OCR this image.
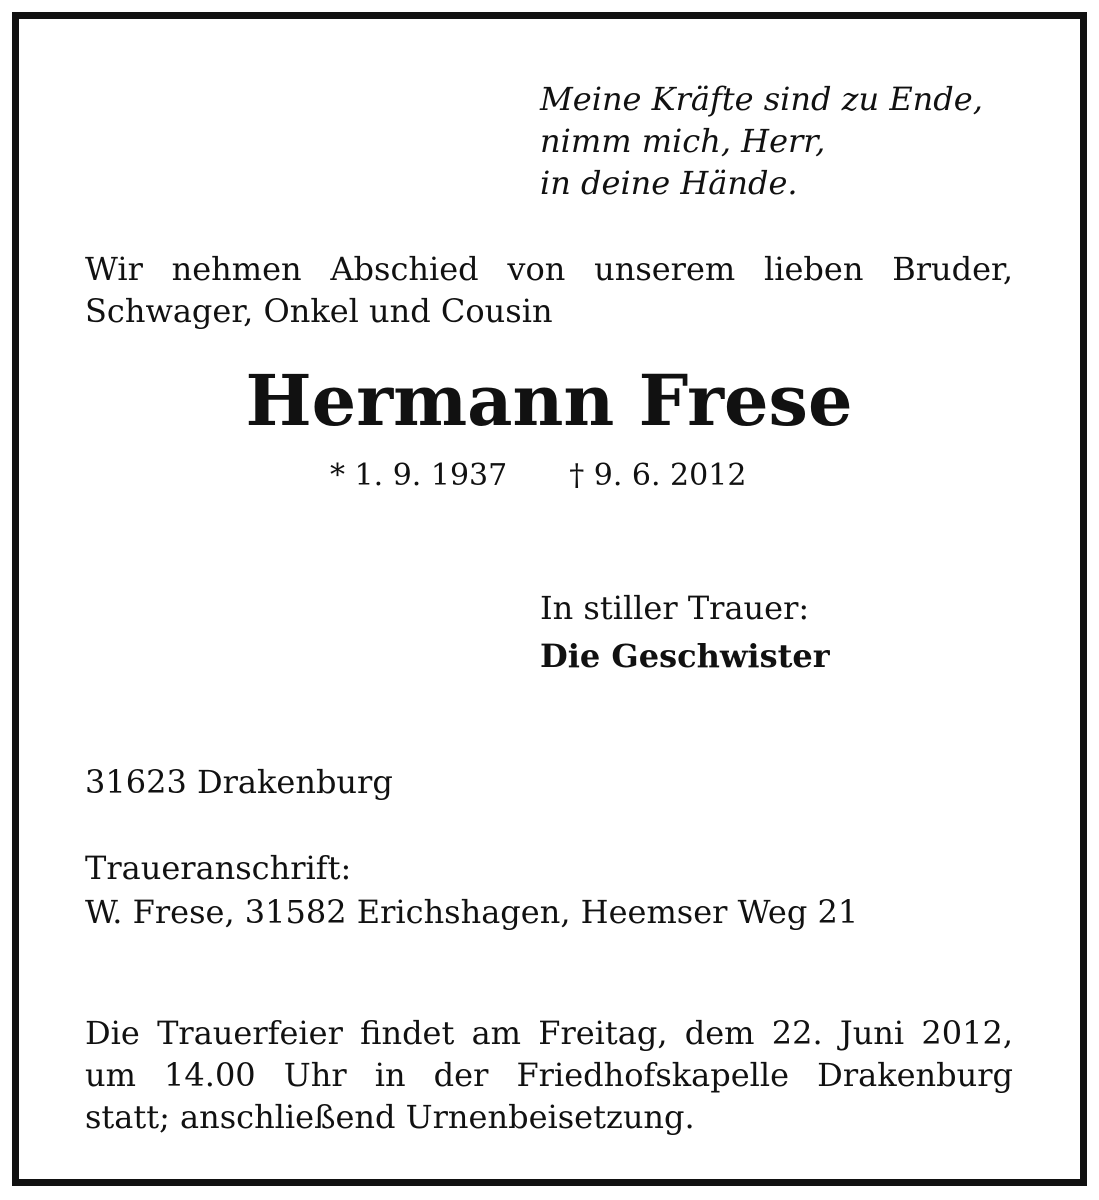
Meine Kräfte sind zu Ende,
nimm mich, Herr,
in deine Hände.
Wir nehmen Abschied von unserem lieben Bruder,
Schwager, Onkel und Cousin
Hermann Frese
* 1. 9. 1937 † 9. 6. 2012
In stiller Trauer:
Die Geschwister
31623 Drakenburg
Traueranschrift:
W. Frese, 31582 Erichshagen, Heemser Weg 21
Die Trauerfeier findet am Freitag, dem 22. Juni 2012,
um 14.00 Uhr in der Friedhofskapelle Drakenburg
statt; anschließend Urnenbeisetzung.
